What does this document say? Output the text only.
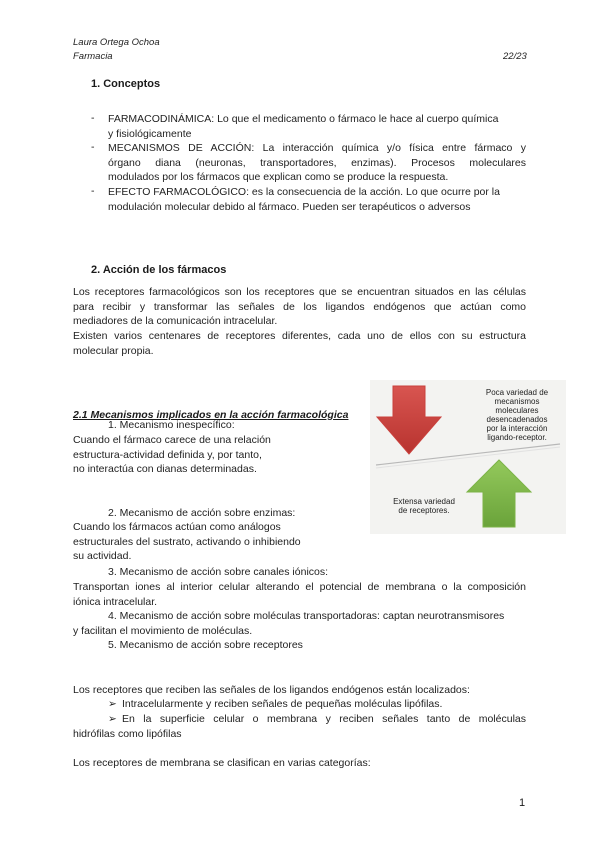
Laura Ortega Ochoa
Farmacia	22/23
1. Conceptos
- FARMACODINÁMICA: Lo que el medicamento o fármaco le hace al cuerpo química
y fisiológicamente
- MECANISMOS DE ACCIÓN: La interacción química y/o física entre fármaco y
órgano diana (neuronas, transportadores, enzimas). Procesos moleculares
modulados por los fármacos que explican como se produce la respuesta.
- EFECTO FARMACOLÓGICO: es la consecuencia de la acción. Lo que ocurre por la
modulación molecular debido al fármaco. Pueden ser terapéuticos o adversos
2. Acción de los fármacos
Los receptores farmacológicos son los receptores que se encuentran situados en las células
para recibir y transformar las señales de los ligandos endógenos que actúan como
mediadores de la comunicación intracelular.
Existen varios centenares de receptores diferentes, cada uno de ellos con su estructura
molecular propia.
2.1 Mecanismos implicados en la acción farmacológica
Poca variedad de
mecanismos
moleculares
desencadenados
por la interacción
ligando-receptor.
Extensa variedad
de receptores.
1. Mecanismo inespecífico:
Cuando el fármaco carece de una relación
estructura-actividad definida y, por tanto,
no interactúa con dianas determinadas.
2. Mecanismo de acción sobre enzimas:
Cuando los fármacos actúan como análogos
estructurales del sustrato, activando o inhibiendo
su actividad.
3. Mecanismo de acción sobre canales iónicos:
Transportan iones al interior celular alterando el potencial de membrana o la composición
iónica intracelular.
4. Mecanismo de acción sobre moléculas transportadoras: captan neurotransmisores
y facilitan el movimiento de moléculas.
5. Mecanismo de acción sobre receptores
Los receptores que reciben las señales de los ligandos endógenos están localizados:
➢ Intracelularmente y reciben señales de pequeñas moléculas lipófilas.
➢ En la superficie celular o membrana y reciben señales tanto de moléculas
hidrófilas como lipófilas
Los receptores de membrana se clasifican en varias categorías:
1
